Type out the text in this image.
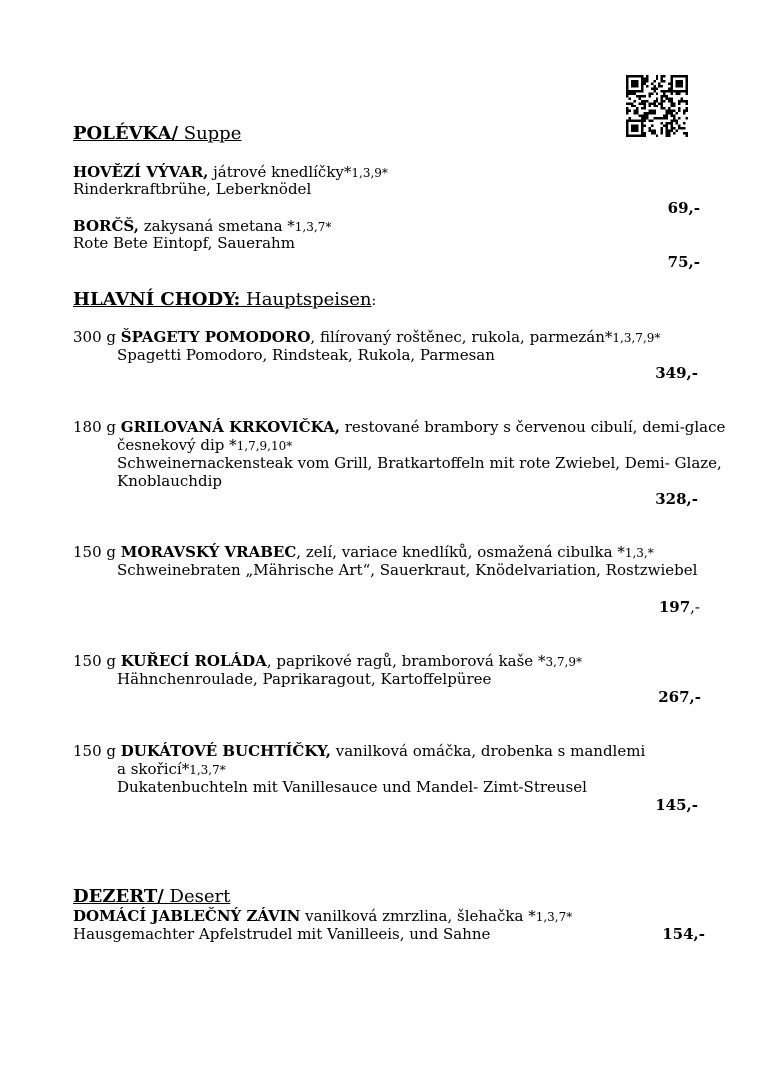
POLÉVKA/ Suppe
HOVĚZÍ VÝVAR, játrové knedlíčky*1,3,9*
Rinderkraftbrühe, Leberknödel
69,-
BORČŠ, zakysaná smetana *1,3,7*
Rote Bete Eintopf, Sauerahm
75,-
HLAVNÍ CHODY: Hauptspeisen:
300 g ŠPAGETY POMODORO, filírovaný roštěnec, rukola, parmezán*1,3,7,9*
Spagetti Pomodoro, Rindsteak, Rukola, Parmesan
349,-
180 g GRILOVANÁ KRKOVIČKA, restované brambory s červenou cibulí, demi-glace
česnekový dip *1,7,9,10*
Schweinernackensteak vom Grill, Bratkartoffeln mit rote Zwiebel, Demi- Glaze,
Knoblauchdip
328,-
150 g MORAVSKÝ VRABEC, zelí, variace knedlíků, osmažená cibulka *1,3,*
Schweinebraten „Mährische Art“, Sauerkraut, Knödelvariation, Rostzwiebel
197,-
150 g KUŘECÍ ROLÁDA, paprikové ragů, bramborová kaše *3,7,9*
Hähnchenroulade, Paprikaragout, Kartoffelpüree
267,-
150 g DUKÁTOVÉ BUCHTÍČKY, vanilková omáčka, drobenka s mandlemi
a skořicí*1,3,7*
Dukatenbuchteln mit Vanillesauce und Mandel- Zimt-Streusel
145,-
DEZERT/ Desert
DOMÁCÍ JABLEČNÝ ZÁVIN vanilková zmrzlina, šlehačka *1,3,7*
Hausgemachter Apfelstrudel mit Vanilleeis, und Sahne	154,-
